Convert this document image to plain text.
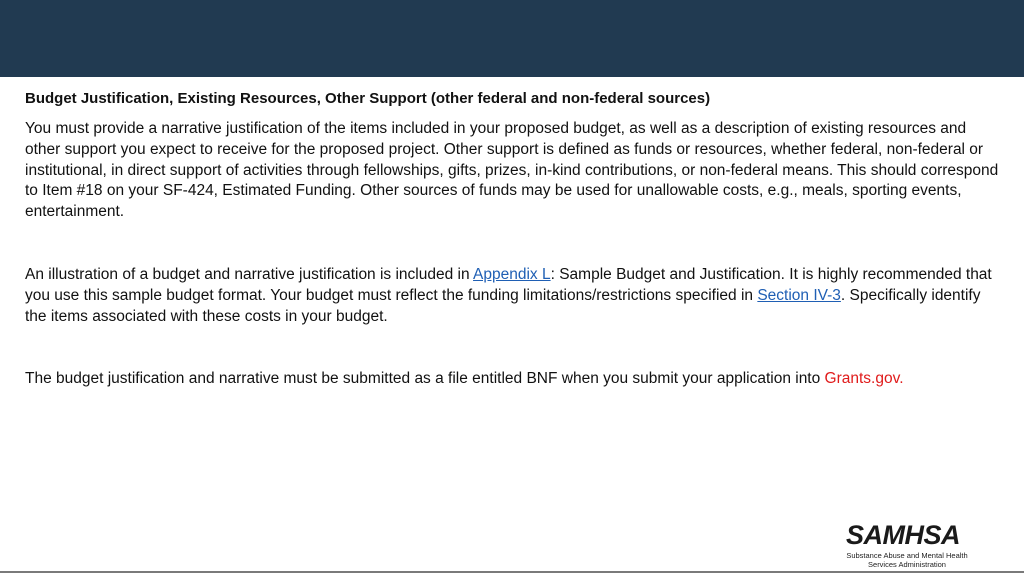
Budget Justification, Existing Resources, Other Support (other federal and non-federal sources)

You must provide a narrative justification of the items included in your proposed budget, as well as a description of existing resources and other support you expect to receive for the proposed project. Other support is defined as funds or resources, whether federal, non-federal or institutional, in direct support of activities through fellowships, gifts, prizes, in-kind contributions, or non-federal means. This should correspond to Item #18 on your SF-424, Estimated Funding. Other sources of funds may be used for unallowable costs, e.g., meals, sporting events, entertainment.

An illustration of a budget and narrative justification is included in Appendix L: Sample Budget and Justification. It is highly recommended that you use this sample budget format. Your budget must reflect the funding limitations/restrictions specified in Section IV-3. Specifically identify the items associated with these costs in your budget.

The budget justification and narrative must be submitted as a file entitled BNF when you submit your application into Grants.gov.

SAMHSA
Substance Abuse and Mental Health
Services Administration
